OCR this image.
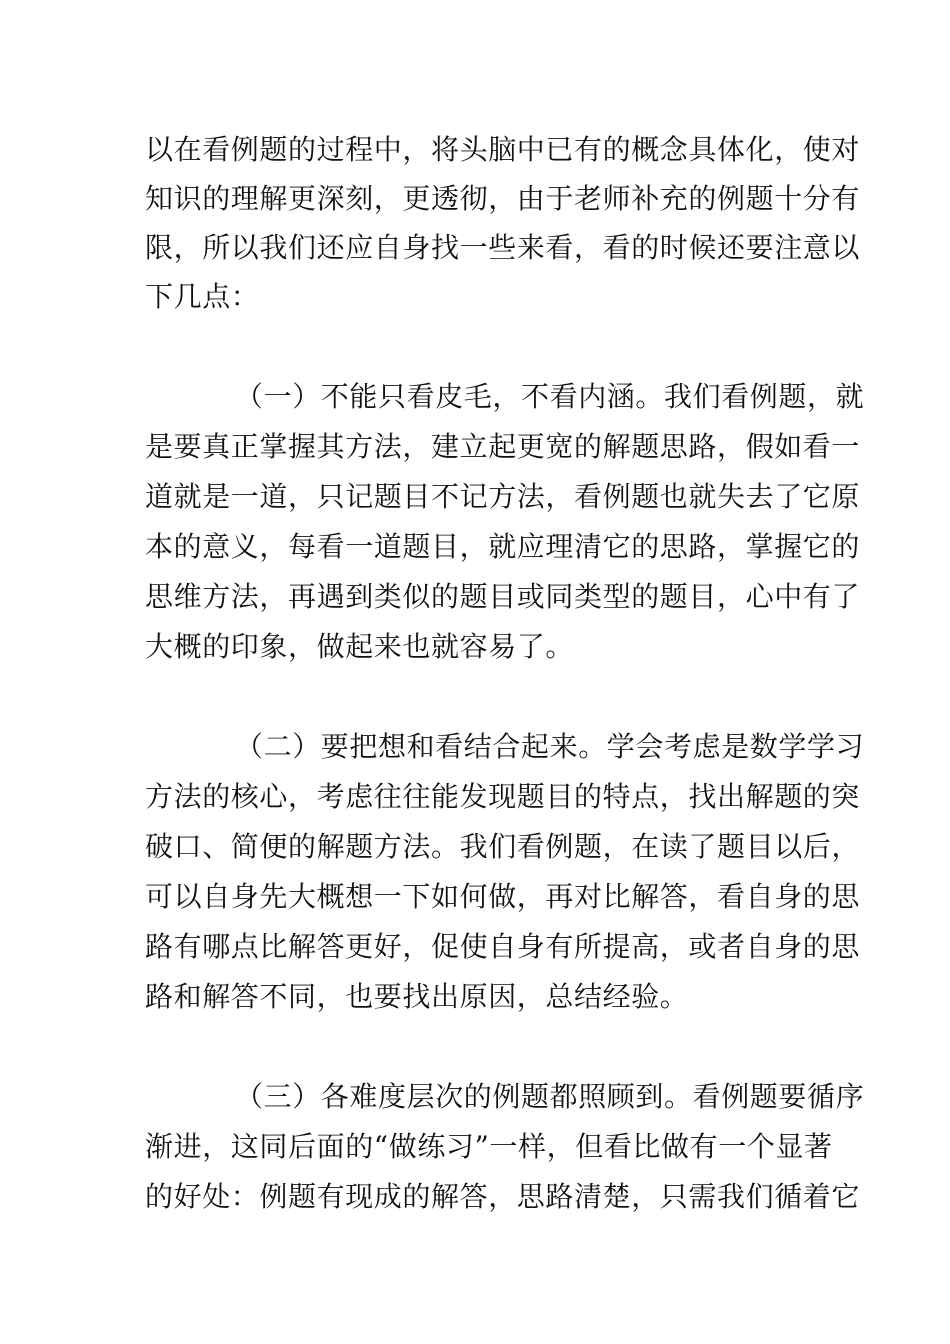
以在看例题的过程中，将头脑中已有的概念具体化，使对
知识的理解更深刻，更透彻，由于老师补充的例题十分有
限，所以我们还应自身找一些来看，看的时候还要注意以
下几点：
（一）不能只看皮毛，不看内涵。我们看例题，就
是要真正掌握其方法，建立起更宽的解题思路，假如看一
道就是一道，只记题目不记方法，看例题也就失去了它原
本的意义，每看一道题目，就应理清它的思路，掌握它的
思维方法，再遇到类似的题目或同类型的题目，心中有了
大概的印象，做起来也就容易了。
（二）要把想和看结合起来。学会考虑是数学学习
方法的核心，考虑往往能发现题目的特点，找出解题的突
破口、简便的解题方法。我们看例题，在读了题目以后，
可以自身先大概想一下如何做，再对比解答，看自身的思
路有哪点比解答更好，促使自身有所提高，或者自身的思
路和解答不同，也要找出原因，总结经验。
（三）各难度层次的例题都照顾到。看例题要循序
渐进，这同后面的“做练习”一样，但看比做有一个显著
的好处：例题有现成的解答，思路清楚，只需我们循着它
